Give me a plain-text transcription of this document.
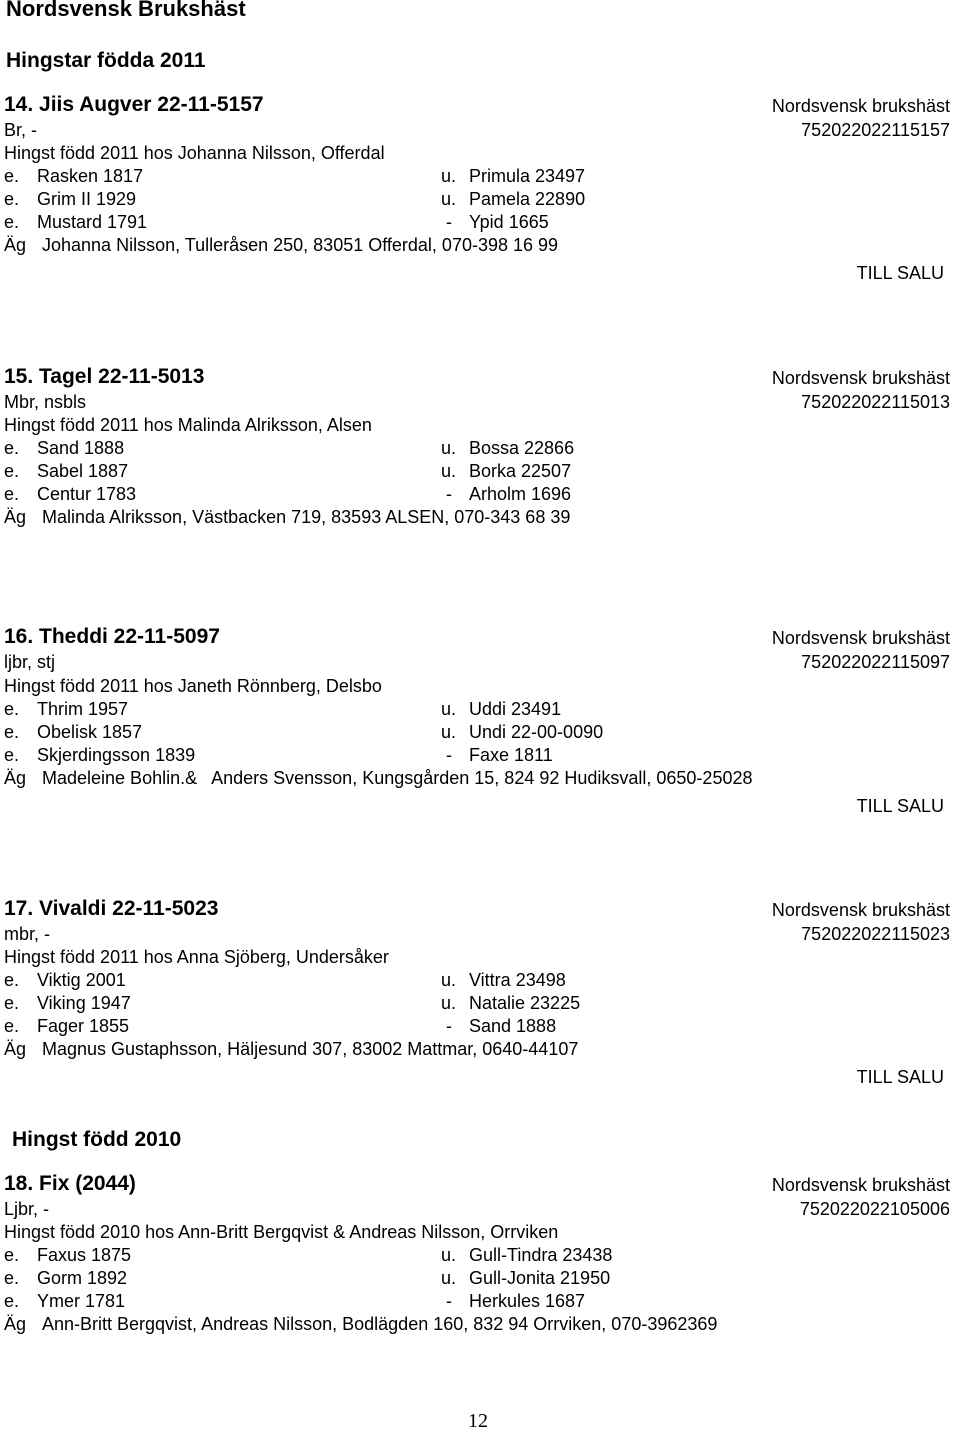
Nordsvensk Brukshäst
Hingstar födda 2011
14. Jiis Augver 22-11-5157	Nordsvensk brukshäst
Br, -	752022022115157
Hingst född 2011 hos Johanna Nilsson, Offerdal
e. Rasken 1817	u. Primula 23497
e. Grim II 1929	u. Pamela 22890
e. Mustard 1791	- Ypid 1665
Äg Johanna Nilsson, Tulleråsen 250, 83051 Offerdal, 070-398 16 99
TILL SALU
15. Tagel 22-11-5013	Nordsvensk brukshäst
Mbr, nsbls	752022022115013
Hingst född 2011 hos Malinda Alriksson, Alsen
e. Sand 1888	u. Bossa 22866
e. Sabel 1887	u. Borka 22507
e. Centur 1783	- Arholm 1696
Äg Malinda Alriksson, Västbacken 719, 83593 ALSEN, 070-343 68 39
16. Theddi 22-11-5097	Nordsvensk brukshäst
ljbr, stj	752022022115097
Hingst född 2011 hos Janeth Rönnberg, Delsbo
e. Thrim 1957	u. Uddi 23491
e. Obelisk 1857	u. Undi 22-00-0090
e. Skjerdingsson 1839	- Faxe 1811
Äg Madeleine Bohlin.&   Anders Svensson, Kungsgården 15, 824 92 Hudiksvall, 0650-25028
TILL SALU
17. Vivaldi 22-11-5023	Nordsvensk brukshäst
mbr, -	752022022115023
Hingst född 2011 hos Anna Sjöberg, Undersåker
e. Viktig 2001	u. Vittra 23498
e. Viking 1947	u. Natalie 23225
e. Fager 1855	- Sand 1888
Äg Magnus Gustaphsson, Häljesund 307, 83002 Mattmar, 0640-44107
TILL SALU
Hingst född 2010
18. Fix (2044)	Nordsvensk brukshäst
Ljbr, -	752022022105006
Hingst född 2010 hos Ann-Britt Bergqvist & Andreas Nilsson, Orrviken
e. Faxus 1875	u. Gull-Tindra 23438
e. Gorm 1892	u. Gull-Jonita 21950
e. Ymer 1781	- Herkules 1687
Äg Ann-Britt Bergqvist, Andreas Nilsson, Bodlägden 160, 832 94 Orrviken, 070-3962369
12
